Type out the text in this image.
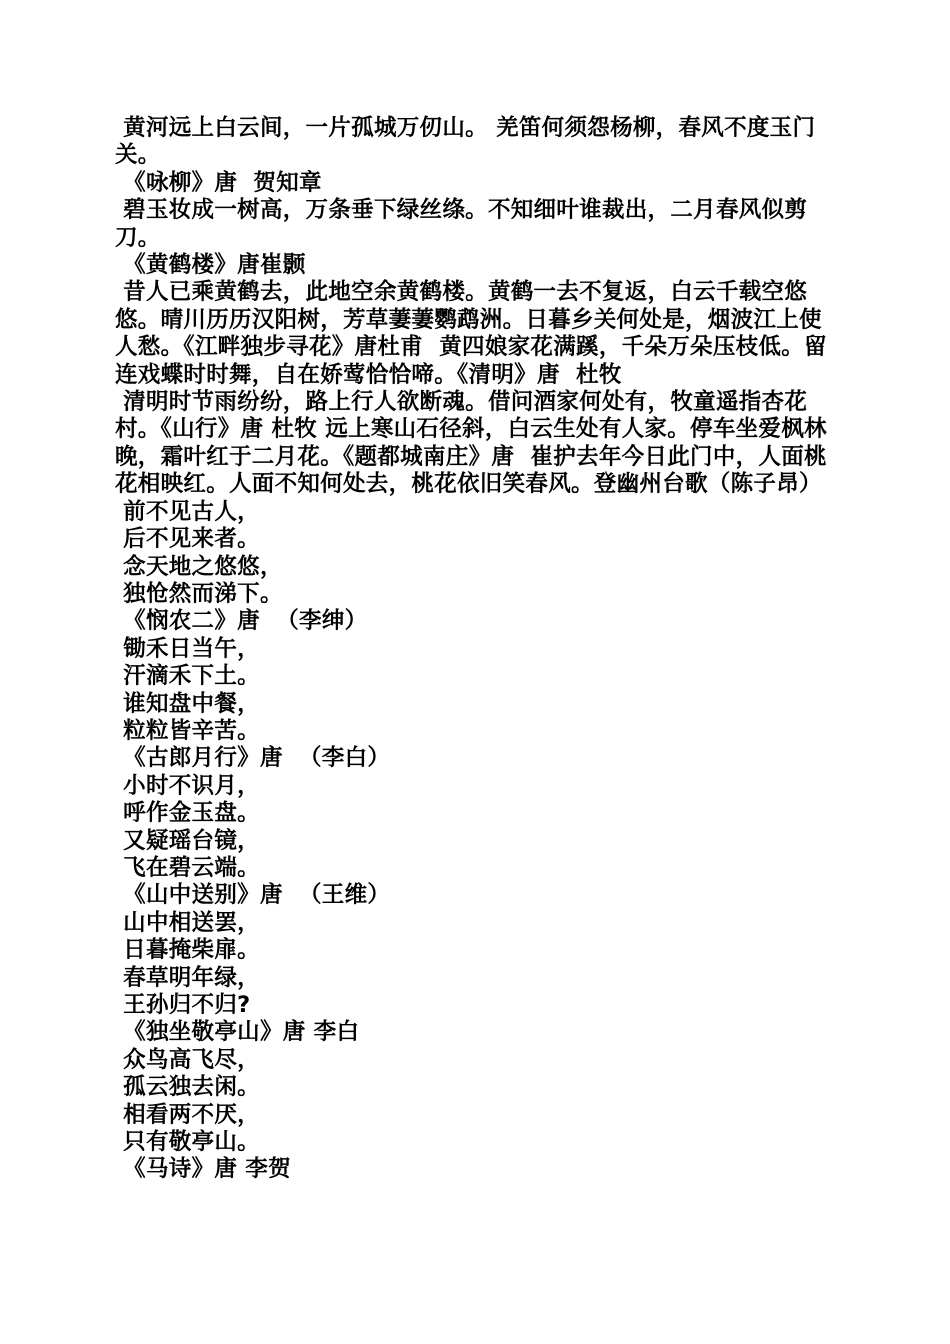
黄河远上白云间，一片孤城万仞山。 羌笛何须怨杨柳，春风不度玉门关。
《咏柳》唐  贺知章
碧玉妆成一树高，万条垂下绿丝绦。不知细叶谁裁出，二月春风似剪刀。
《黄鹤楼》唐崔颢
昔人已乘黄鹤去，此地空余黄鹤楼。黄鹤一去不复返，白云千载空悠悠。晴川历历汉阳树，芳草萋萋鹦鹉洲。日暮乡关何处是，烟波江上使人愁。《江畔独步寻花》唐杜甫  黄四娘家花满蹊，千朵万朵压枝低。留连戏蝶时时舞，自在娇莺恰恰啼。《清明》唐  杜牧
清明时节雨纷纷，路上行人欲断魂。借问酒家何处有，牧童遥指杏花村。《山行》唐 杜牧 远上寒山石径斜，白云生处有人家。停车坐爱枫林晚，霜叶红于二月花。《题都城南庄》唐  崔护去年今日此门中，人面桃花相映红。人面不知何处去，桃花依旧笑春风。登幽州台歌（陈子昂）
前不见古人，
后不见来者。
念天地之悠悠，
独怆然而涕下。
《悯农二》唐  （李绅）
锄禾日当午，
汗滴禾下土。
谁知盘中餐，
粒粒皆辛苦。
《古郎月行》唐  （李白）
小时不识月，
呼作金玉盘。
又疑瑶台镜，
飞在碧云端。
《山中送别》唐  （王维）
山中相送罢，
日暮掩柴扉。
春草明年绿，
王孙归不归?
《独坐敬亭山》唐 李白
众鸟高飞尽，
孤云独去闲。
相看两不厌，
只有敬亭山。
《马诗》唐 李贺
